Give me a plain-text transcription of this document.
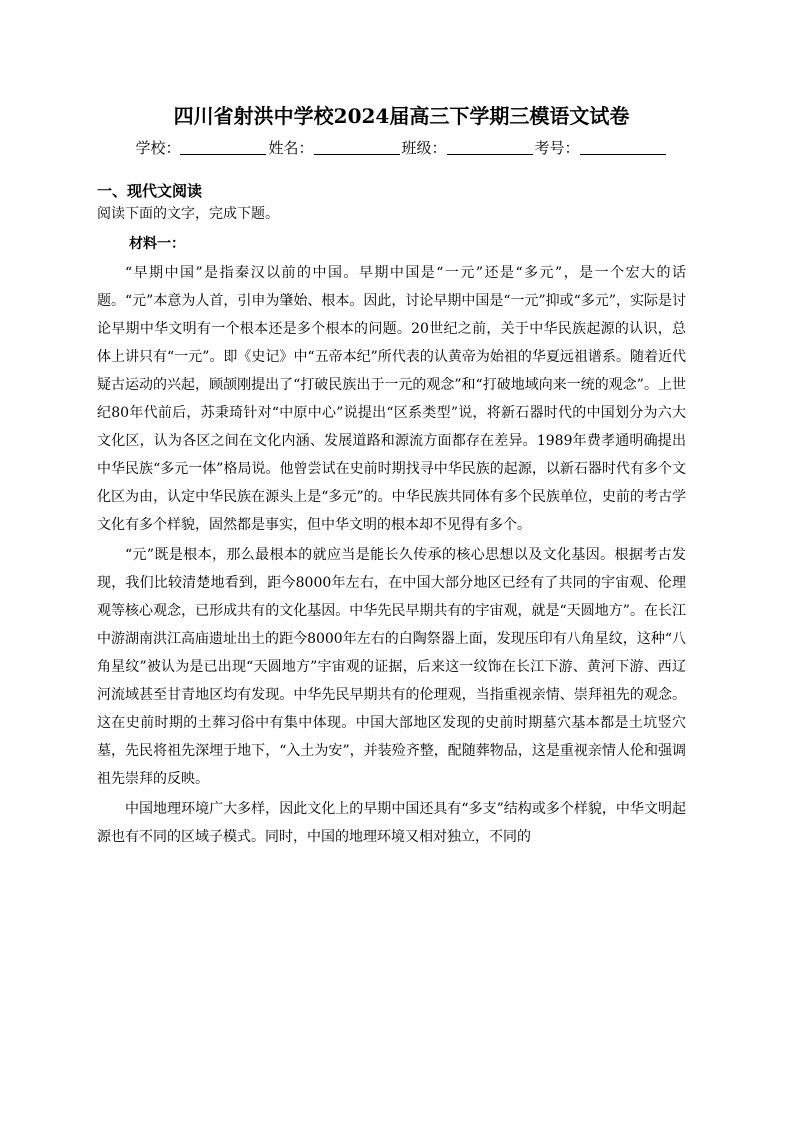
四川省射洪中学校2024届高三下学期三模语文试卷
学校：	姓名：	班级：	考号：
一、现代文阅读
阅读下面的文字，完成下题。
材料一：

“早期中国”是指秦汉以前的中国。早期中国是“一元”还是“多元”，是一个宏大的话题。“元”本意为人首，引申为肇始、根本。因此，讨论早期中国是“一元”抑或“多元”，实际是讨论早期中华文明有一个根本还是多个根本的问题。20世纪之前，关于中华民族起源的认识，总体上讲只有“一元”。即《史记》中“五帝本纪”所代表的认黄帝为始祖的华夏远祖谱系。随着近代疑古运动的兴起，顾颉刚提出了“打破民族出于一元的观念”和“打破地域向来一统的观念”。上世纪80年代前后，苏秉琦针对“中原中心”说提出“区系类型”说，将新石器时代的中国划分为六大文化区，认为各区之间在文化内涵、发展道路和源流方面都存在差异。1989年费孝通明确提出中华民族“多元一体”格局说。他曾尝试在史前时期找寻中华民族的起源，以新石器时代有多个文化区为由，认定中华民族在源头上是“多元”的。中华民族共同体有多个民族单位，史前的考古学文化有多个样貌，固然都是事实，但中华文明的根本却不见得有多个。

“元”既是根本，那么最根本的就应当是能长久传承的核心思想以及文化基因。根据考古发现，我们比较清楚地看到，距今8000年左右，在中国大部分地区已经有了共同的宇宙观、伦理观等核心观念，已形成共有的文化基因。中华先民早期共有的宇宙观，就是“天圆地方”。在长江中游湖南洪江高庙遗址出土的距今8000年左右的白陶祭器上面，发现压印有八角星纹，这种“八角星纹”被认为是已出现“天圆地方”宇宙观的证据，后来这一纹饰在长江下游、黄河下游、西辽河流域甚至甘青地区均有发现。中华先民早期共有的伦理观，当指重视亲情、崇拜祖先的观念。这在史前时期的土葬习俗中有集中体现。中国大部地区发现的史前时期墓穴基本都是土坑竖穴墓，先民将祖先深埋于地下，“入土为安”，并装殓齐整，配随葬物品，这是重视亲情人伦和强调祖先崇拜的反映。

中国地理环境广大多样，因此文化上的早期中国还具有“多支”结构或多个样貌，中华文明起源也有不同的区域子模式。同时，中国的地理环境又相对独立，不同的
